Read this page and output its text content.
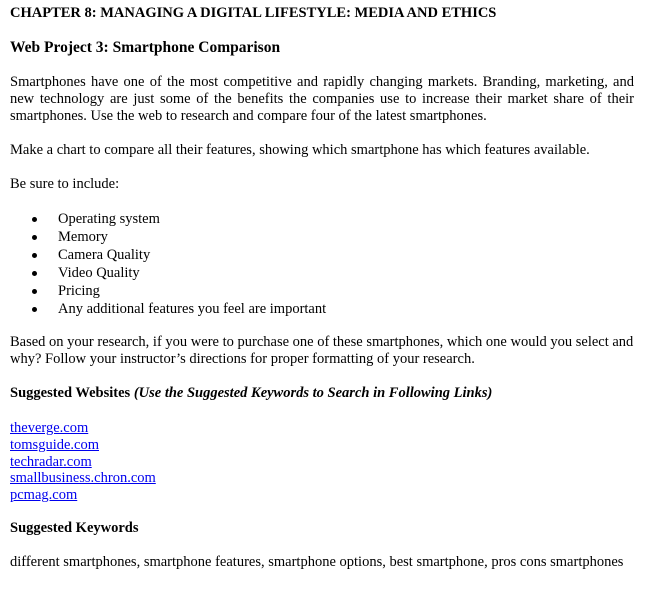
CHAPTER 8: MANAGING A DIGITAL LIFESTYLE: MEDIA AND ETHICS
Web Project 3: Smartphone Comparison

Smartphones have one of the most competitive and rapidly changing markets. Branding, marketing, and new technology are just some of the benefits the companies use to increase their market share of their smartphones. Use the web to research and compare four of the latest smartphones.

Make a chart to compare all their features, showing which smartphone has which features available.

Be sure to include:

Operating system
Memory
Camera Quality
Video Quality
Pricing
Any additional features you feel are important

Based on your research, if you were to purchase one of these smartphones, which one would you select and why? Follow your instructor’s directions for proper formatting of your research.

Suggested Websites (Use the Suggested Keywords to Search in Following Links)
theverge.com
tomsguide.com
techradar.com
smallbusiness.chron.com
pcmag.com
Suggested Keywords
different smartphones, smartphone features, smartphone options, best smartphone, pros cons smartphones
